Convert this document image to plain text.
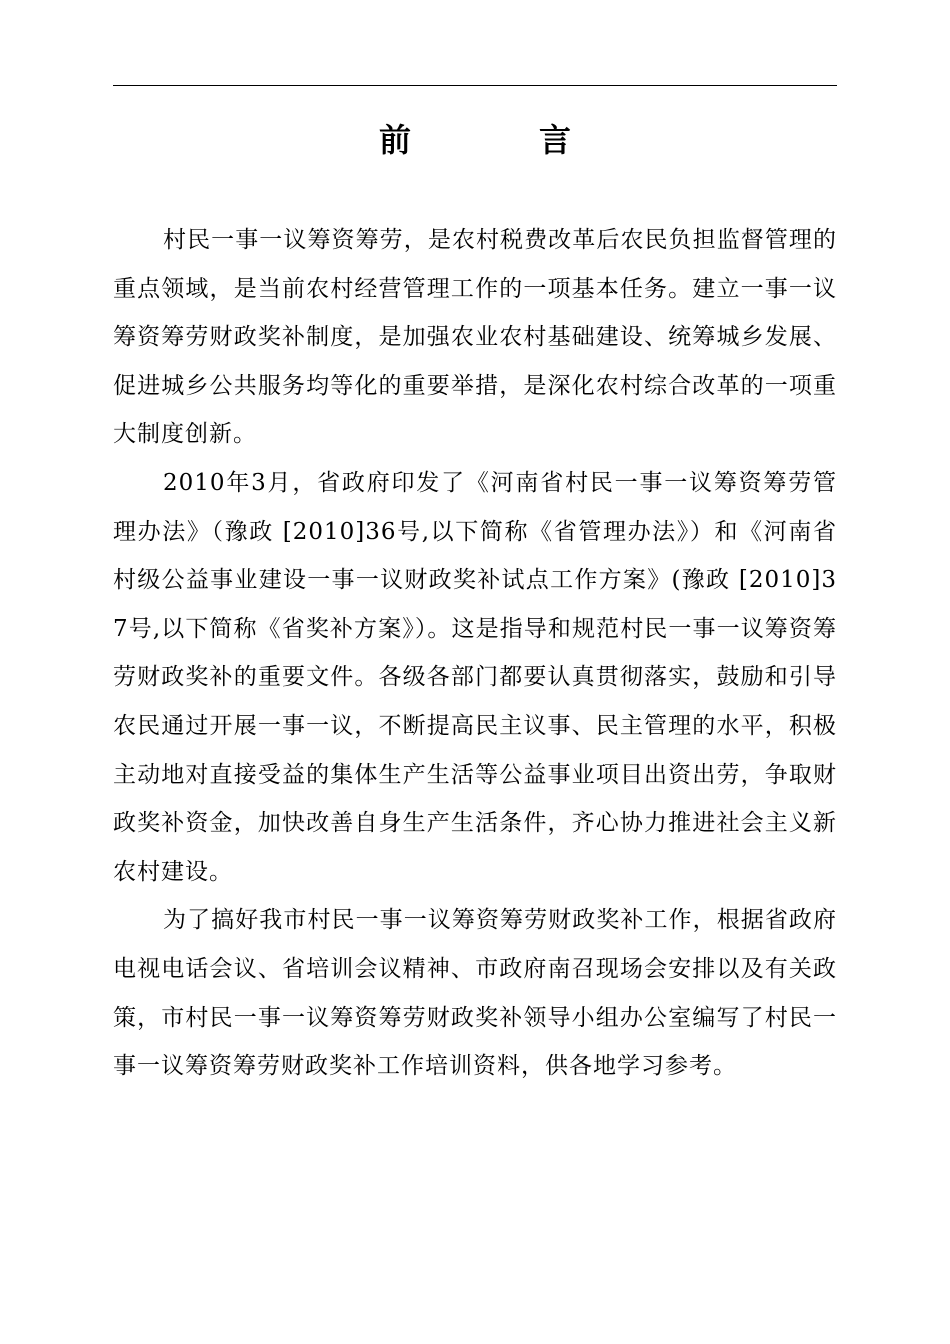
前　言

村民一事一议筹资筹劳，是农村税费改革后农民负担监督管理的重点领域，是当前农村经营管理工作的一项基本任务。建立一事一议筹资筹劳财政奖补制度，是加强农业农村基础建设、统筹城乡发展、促进城乡公共服务均等化的重要举措，是深化农村综合改革的一项重大制度创新。

2010年3月，省政府印发了《河南省村民一事一议筹资筹劳管理办法》（豫政 [2010]36号,以下简称《省管理办法》）和《河南省村级公益事业建设一事一议财政奖补试点工作方案》(豫政 [2010]37号,以下简称《省奖补方案》）。这是指导和规范村民一事一议筹资筹劳财政奖补的重要文件。各级各部门都要认真贯彻落实，鼓励和引导农民通过开展一事一议，不断提高民主议事、民主管理的水平，积极主动地对直接受益的集体生产生活等公益事业项目出资出劳，争取财政奖补资金，加快改善自身生产生活条件，齐心协力推进社会主义新农村建设。

为了搞好我市村民一事一议筹资筹劳财政奖补工作，根据省政府电视电话会议、省培训会议精神、市政府南召现场会安排以及有关政策，市村民一事一议筹资筹劳财政奖补领导小组办公室编写了村民一事一议筹资筹劳财政奖补工作培训资料，供各地学习参考。
